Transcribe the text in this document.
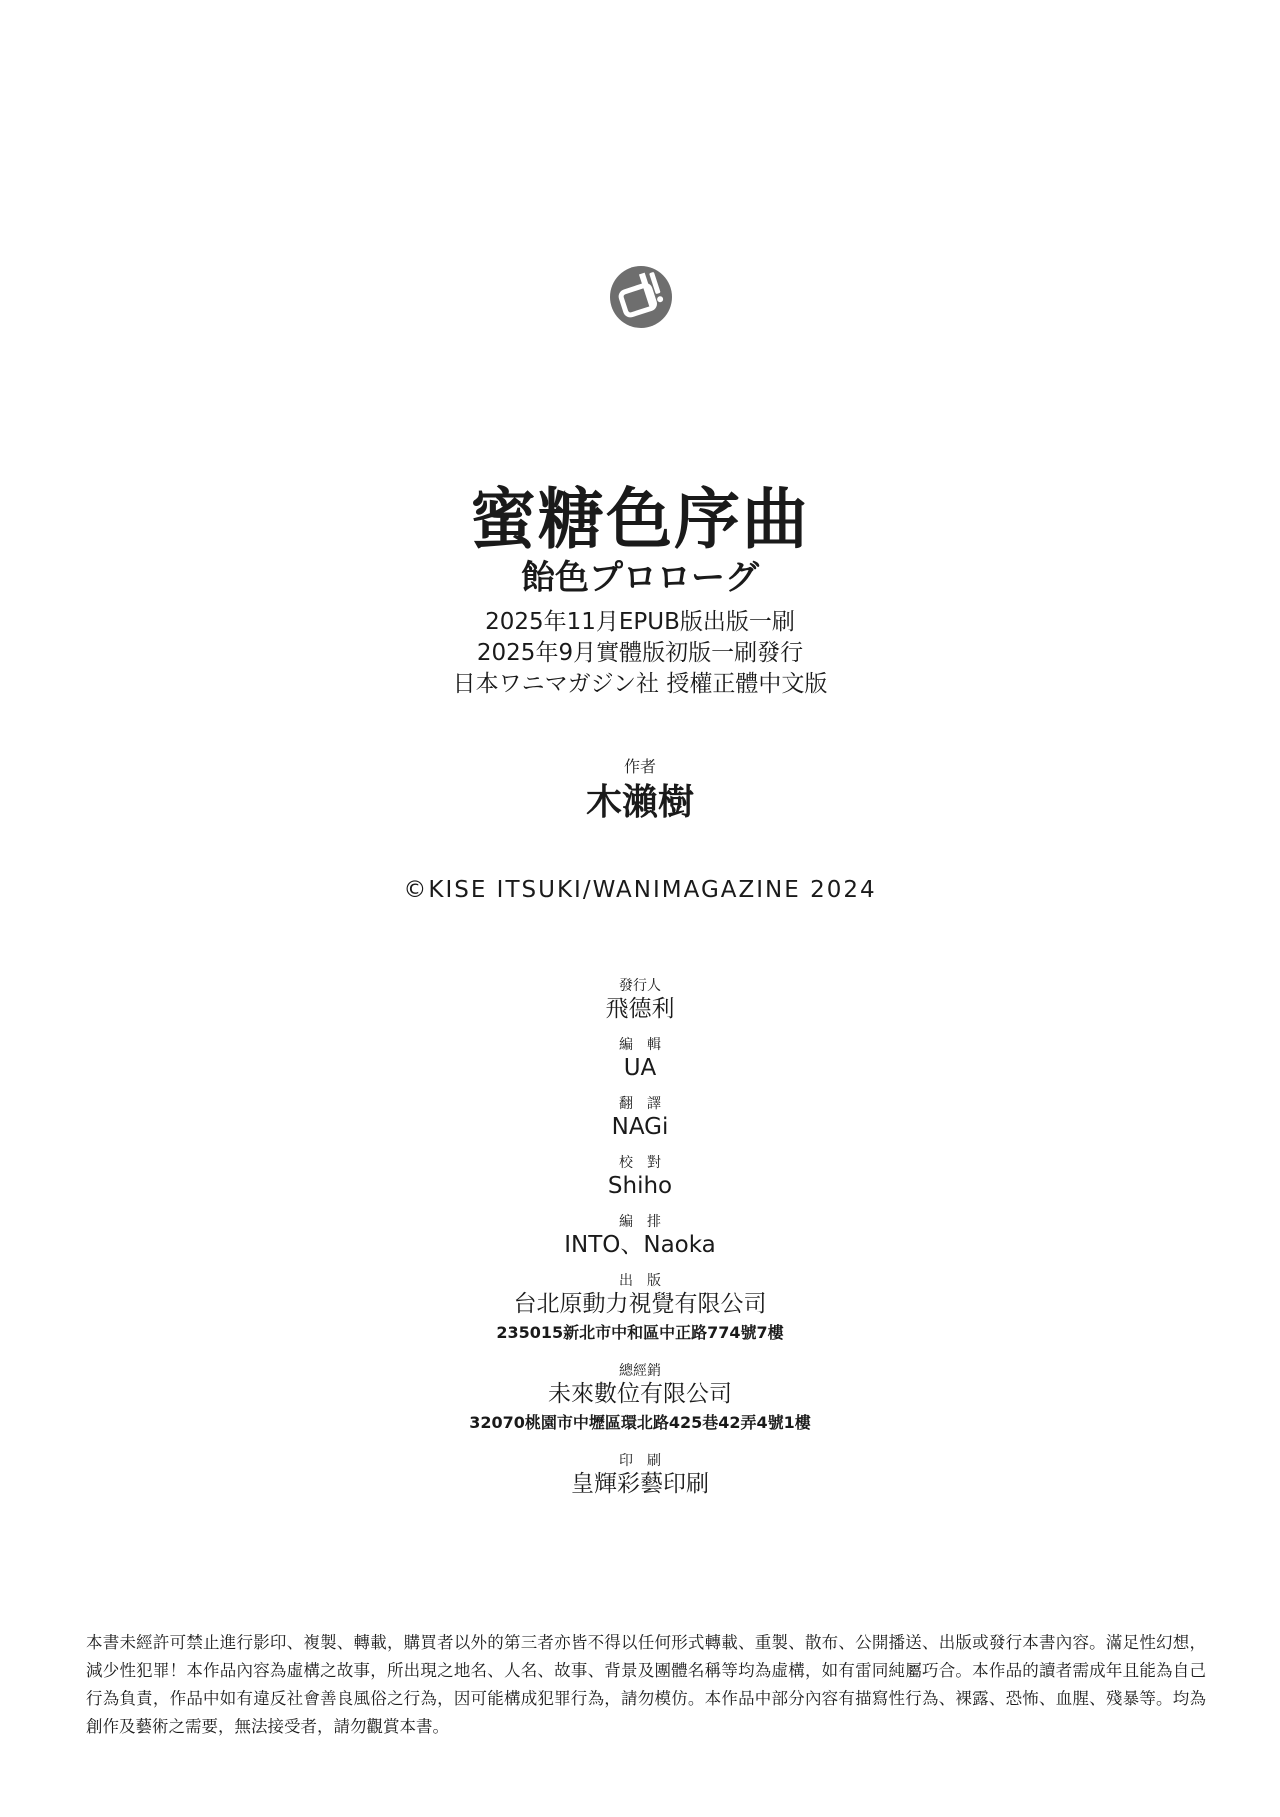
蜜糖色序曲
飴色プロローグ
2025年11月EPUB版出版一刷
2025年9月實體版初版一刷發行
日本ワニマガジン社 授權正體中文版
作者
木瀨樹
©KISE ITSUKI/WANIMAGAZINE 2024
發行人
飛德利
編　輯
UA
翻　譯
NAGi
校　對
Shiho
編　排
INTO、Naoka
出　版
台北原動力視覺有限公司
235015新北市中和區中正路774號7樓
總經銷
未來數位有限公司
32070桃園市中壢區環北路425巷42弄4號1樓
印　刷
皇輝彩藝印刷
本書未經許可禁止進行影印、複製、轉載，購買者以外的第三者亦皆不得以任何形式轉載、重製、散布、公開播送、出版或發行本書內容。滿足性幻想，減少性犯罪！本作品內容為虛構之故事，所出現之地名、人名、故事、背景及團體名稱等均為虛構，如有雷同純屬巧合。本作品的讀者需成年且能為自己行為負責，作品中如有違反社會善良風俗之行為，因可能構成犯罪行為，請勿模仿。本作品中部分內容有描寫性行為、裸露、恐怖、血腥、殘暴等。均為創作及藝術之需要，無法接受者，請勿觀賞本書。
